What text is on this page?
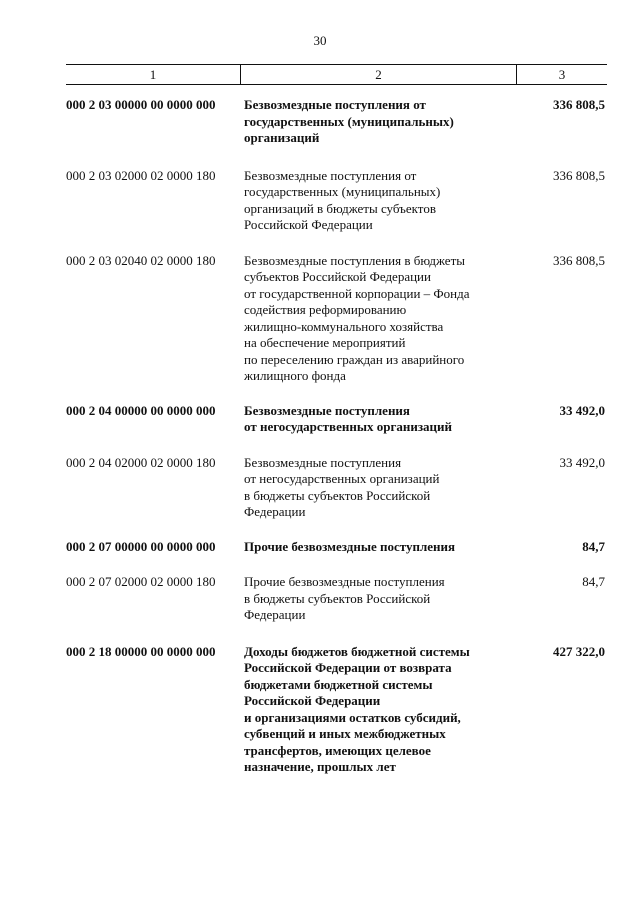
30
1	2	3
000 2 03 00000 00 0000 000	Безвозмездные поступления от
государственных (муниципальных)
организаций
336 808,5
000 2 03 02000 02 0000 180	Безвозмездные поступления от
государственных (муниципальных)
организаций в бюджеты субъектов
Российской Федерации
336 808,5
000 2 03 02040 02 0000 180	Безвозмездные поступления в бюджеты
субъектов Российской Федерации
от государственной корпорации – Фонда
содействия реформированию
жилищно-коммунального хозяйства
на обеспечение мероприятий
по переселению граждан из аварийного
жилищного фонда
336 808,5
000 2 04 00000 00 0000 000	Безвозмездные поступления
от негосударственных организаций
33 492,0
000 2 04 02000 02 0000 180	Безвозмездные поступления
от негосударственных организаций
в бюджеты субъектов Российской
Федерации
33 492,0
000 2 07 00000 00 0000 000	Прочие безвозмездные поступления	84,7
000 2 07 02000 02 0000 180	Прочие безвозмездные поступления
в бюджеты субъектов Российской
Федерации
84,7
000 2 18 00000 00 0000 000	Доходы бюджетов бюджетной системы
Российской Федерации от возврата
бюджетами бюджетной системы
Российской Федерации
и организациями остатков субсидий,
субвенций и иных межбюджетных
трансфертов, имеющих целевое
назначение, прошлых лет
427 322,0
